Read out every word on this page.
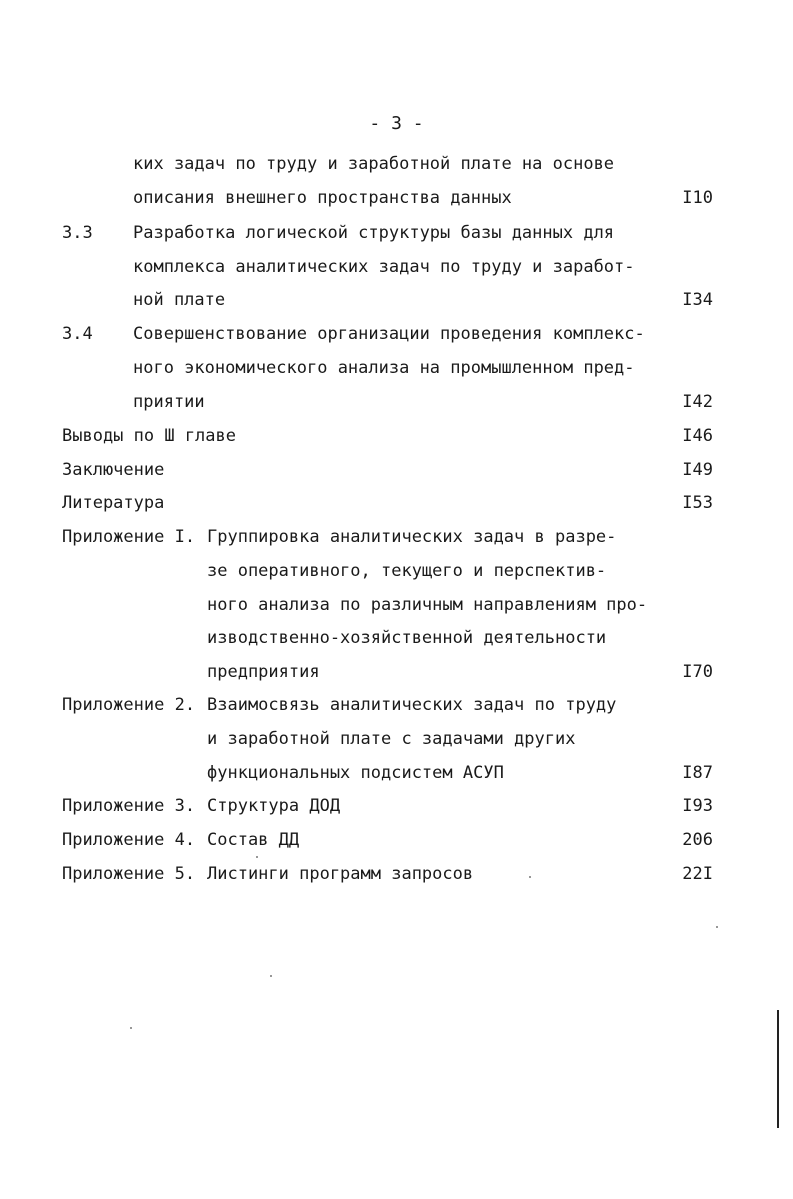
- 3 -
ких задач по труду и заработной плате на основе
описания внешнего пространства данных	I10
3.3 Разработка логической структуры базы данных для
комплекса аналитических задач по труду и заработ-
ной плате	I34
3.4 Совершенствование организации проведения комплекс-
ного экономического анализа на промышленном пред-
приятии	I42
Выводы по Ш главе	I46
Заключение	I49
Литература	I53
Приложение I. Группировка аналитических задач в разре-
зе оперативного, текущего и перспектив-
ного анализа по различным направлениям про-
изводственно-хозяйственной деятельности
предприятия	I70
Приложение 2. Взаимосвязь аналитических задач по труду
и заработной плате с задачами других
функциональных подсистем АСУП	I87
Приложение 3. Структура ДОД	I93
Приложение 4. Состав ДД	206
Приложение 5. Листинги программ запросов	22I
